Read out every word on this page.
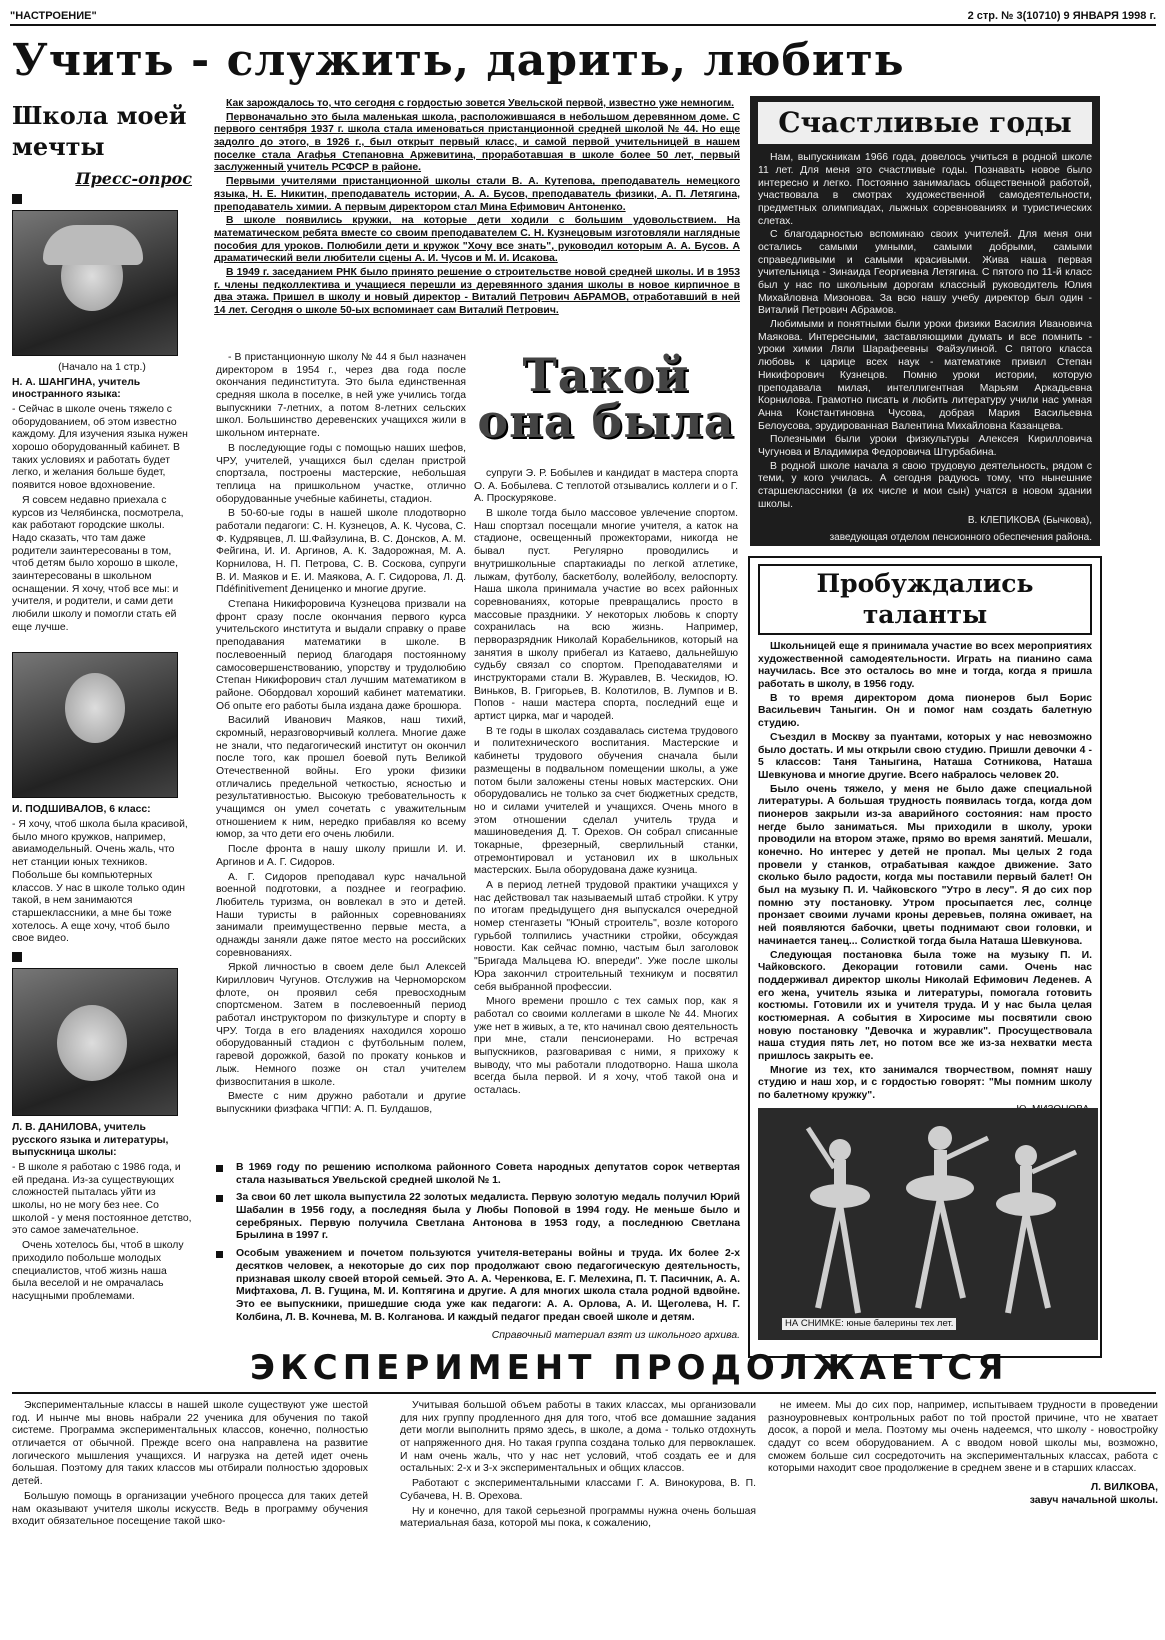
"НАСТРОЕНИЕ"	2 стр. № 3(10710) 9 ЯНВАРЯ 1998 г.
Учить - служить, дарить, любить
Школа моей мечты
Пресс-опрос

(Начало на 1 стр.)

Н. А. ШАНГИНА, учитель иностранного языка:

- Сейчас в школе очень тяжело с оборудованием, об этом известно каждому. Для изучения языка нужен хорошо оборудованный кабинет. В таких условиях и работать будет легко, и желания больше будет, появится новое вдохновение.

Я совсем недавно приехала с курсов из Челябинска, посмотрела, как работают городские школы. Надо сказать, что там даже родители заинтересованы в том, чтоб детям было хорошо в школе, заинтересованы в школьном оснащении. Я хочу, чтоб все мы: и учителя, и родители, и сами дети любили школу и помогли стать ей еще лучше.

И. ПОДШИВАЛОВ, 6 класс:

- Я хочу, чтоб школа была красивой, было много кружков, например, авиамодельный. Очень жаль, что нет станции юных техников. Побольше бы компьютерных классов. У нас в школе только один такой, в нем занимаются старшеклассники, а мне бы тоже хотелось. А еще хочу, чтоб было свое видео.

Л. В. ДАНИЛОВА, учитель русского языка и литературы, выпускница школы:

- В школе я работаю с 1986 года, и ей предана. Из-за существующих сложностей пыталась уйти из школы, но не могу без нее. Со школой - у меня постоянное детство, это самое замечательное.

Очень хотелось бы, чтоб в школу приходило побольше молодых специалистов, чтоб жизнь наша была веселой и не омрачалась насущными проблемами.

Как зарождалось то, что сегодня с гордостью зовется Увельской первой, известно уже немногим.

Первоначально это была маленькая школа, расположившаяся в небольшом деревянном доме. С первого сентября 1937 г. школа стала именоваться пристанционной средней школой № 44. Но еще задолго до этого, в 1926 г., был открыт первый класс, и самой первой учительницей в нашем поселке стала Агафья Степановна Аржевитина, проработавшая в школе более 50 лет, первый заслуженный учитель РСФСР в районе.

Первыми учителями пристанционной школы стали В. А. Кутепова, преподаватель немецкого языка, Н. Е. Никитин, преподаватель истории, А. А. Бусов, преподаватель физики, А. П. Летягина, преподаватель химии. А первым директором стал Мина Ефимович Антоненко.

В школе появились кружки, на которые дети ходили с большим удовольствием. На математическом ребята вместе со своим преподавателем С. Н. Кузнецовым изготовляли наглядные пособия для уроков. Полюбили дети и кружок "Хочу все знать", руководил которым А. А. Бусов. А драматический вели любители сцены А. И. Чусов и М. И. Исакова.

В 1949 г. заседанием РНК было принято решение о строительстве новой средней школы. И в 1953 г. члены педколлектива и учащиеся перешли из деревянного здания школы в новое кирпичное в два этажа. Пришел в школу и новый директор - Виталий Петрович АБРАМОВ, отработавший в ней 14 лет. Сегодня о школе 50-ых вспоминает сам Виталий Петрович.

- В пристанционную школу № 44 я был назначен директором в 1954 г., через два года после окончания пединститута. Это была единственная средняя школа в поселке, в ней уже учились тогда выпускники 7-летних, а потом 8-летних сельских школ. Большинство деревенских учащихся жили в школьном интернате.

В последующие годы с помощью наших шефов, ЧРУ, учителей, учащихся был сделан пристрой спортзала, построены мастерские, небольшая теплица на пришкольном участке, отлично оборудованные учебные кабинеты, стадион.

В 50-60-ые годы в нашей школе плодотворно работали педагоги: С. Н. Кузнецов, А. К. Чусова, С. Ф. Кудрявцев, Л. Ш.Файзулина, В. С. Донсков, А. М. Фейгина, И. И. Аргинов, А. К. Задорожная, М. А. Корнилова, Н. П. Петрова, С. В. Соскова, супруги В. И. Маяков и Е. И. Маякова, А. Г. Сидорова, Л. Д. Пdéfinitivement Дениценко и многие другие.

Степана Никифоровича Кузнецова призвали на фронт сразу после окончания первого курса учительского института и выдали справку о праве преподавания математики в школе. В послевоенный период благодаря постоянному самосовершенствованию, упорству и трудолюбию Степан Никифорович стал лучшим математиком в районе. Обордовал хороший кабинет математики. Об опыте его работы была издана даже брошюра.

Василий Иванович Маяков, наш тихий, скромный, неразговорчивый коллега. Многие даже не знали, что педагогический институт он окончил после того, как прошел боевой путь Великой Отечественной войны. Его уроки физики отличались предельной четкостью, ясностью и результативностью. Высокую требовательность к учащимся он умел сочетать с уважительным отношением к ним, нередко прибавляя ко всему юмор, за что дети его очень любили.

После фронта в нашу школу пришли И. И. Аргинов и А. Г. Сидоров.

А. Г. Сидоров преподавал курс начальной военной подготовки, а позднее и географию. Любитель туризма, он вовлекал в это и детей. Наши туристы в районных соревнованиях занимали преимущественно первые места, а однажды заняли даже пятое место на российских соревнованиях.

Яркой личностью в своем деле был Алексей Кириллович Чугунов. Отслужив на Черноморском флоте, он проявил себя превосходным спортсменом. Затем в послевоенный период работал инструктором по физкультуре и спорту в ЧРУ. Тогда в его владениях находился хорошо оборудованный стадион с футбольным полем, гаревой дорожкой, базой по прокату коньков и лыж. Немного позже он стал учителем физвоспитания в школе.

Вместе с ним дружно работали и другие выпускники физфака ЧГПИ: А. П. Булдашов,

Такой она была

супруги Э. Р. Бобылев и кандидат в мастера спорта О. А. Бобылева. С теплотой отзывались коллеги и о Г. А. Проскурякове.

В школе тогда было массовое увлечение спортом. Наш спортзал посещали многие учителя, а каток на стадионе, освещенный прожекторами, никогда не бывал пуст. Регулярно проводились и внутришкольные спартакиады по легкой атлетике, лыжам, футболу, баскетболу, волейболу, велоспорту. Наша школа принимала участие во всех районных соревнованиях, которые превращались просто в массовые праздники. У некоторых любовь к спорту сохранилась на всю жизнь. Например, перворазрядник Николай Корабельников, который на занятия в школу прибегал из Катаево, дальнейшую судьбу связал со спортом. Преподавателями и инструкторами стали В. Журавлев, В. Ческидов, Ю. Виньков, В. Григорьев, В. Колотилов, В. Лумпов и В. Попов - наши мастера спорта, последний еще и артист цирка, маг и чародей.

В те годы в школах создавалась система трудового и политехнического воспитания. Мастерские и кабинеты трудового обучения сначала были размещены в подвальном помещении школы, а уже потом были заложены стены новых мастерских. Они оборудовались не только за счет бюджетных средств, но и силами учителей и учащихся. Очень много в этом отношении сделал учитель труда и машиноведения Д. Т. Орехов. Он собрал списанные токарные, фрезерный, сверлильный станки, отремонтировал и установил их в школьных мастерских. Была оборудована даже кузница.

А в период летней трудовой практики учащихся у нас действовал так называемый штаб стройки. К утру по итогам предыдущего дня выпускался очередной номер стенгазеты "Юный строитель", возле которого гурьбой толпились участники стройки, обсуждая новости. Как сейчас помню, частым был заголовок "Бригада Мальцева Ю. впереди". Уже после школы Юра закончил строительный техникум и посвятил себя выбранной профессии.

Много времени прошло с тех самых пор, как я работал со своими коллегами в школе № 44. Многих уже нет в живых, а те, кто начинал свою деятельность при мне, стали пенсионерами. Но встречая выпускников, разговаривая с ними, я прихожу к выводу, что мы работали плодотворно. Наша школа всегда была первой. И я хочу, чтоб такой она и осталась.

В 1969 году по решению исполкома районного Совета народных депутатов сорок четвертая стала называться Увельской средней школой № 1.
За свои 60 лет школа выпустила 22 золотых медалиста. Первую золотую медаль получил Юрий Шабалин в 1956 году, а последняя была у Любы Поповой в 1994 году. Не меньше было и серебряных. Первую получила Светлана Антонова в 1953 году, а последнюю Светлана Брылина в 1997 г.
Особым уважением и почетом пользуются учителя-ветераны войны и труда. Их более 2-х десятков человек, а некоторые до сих пор продолжают свою педагогическую деятельность, признавая школу своей второй семьей. Это А. А. Черенкова, Е. Г. Мелехина, П. Т. Пасичник, А. А. Мифтахова, Л. В. Гущина, М. И. Коптягина и другие. А для многих школа стала родной вдвойне. Это ее выпускники, пришедшие сюда уже как педагоги: А. А. Орлова, А. И. Щеголева, Н. Г. Колбина, Л. В. Кочнева, М. В. Колганова. И каждый педагог предан своей школе и детям.
Справочный материал взят из школьного архива.
Счастливые годы

Нам, выпускникам 1966 года, довелось учиться в родной школе 11 лет. Для меня это счастливые годы. Познавать новое было интересно и легко. Постоянно занималась общественной работой, участвовала в смотрах художественной самодеятельности, предметных олимпиадах, лыжных соревнованиях и туристических слетах.

С благодарностью вспоминаю своих учителей. Для меня они остались самыми умными, самыми добрыми, самыми справедливыми и самыми красивыми. Жива наша первая учительница - Зинаида Георгиевна Летягина. С пятого по 11-й класс был у нас по школьным дорогам классный руководитель Юлия Михайловна Мизонова. За всю нашу учебу директор был один - Виталий Петрович Абрамов.

Любимыми и понятными были уроки физики Василия Ивановича Маякова. Интересными, заставляющими думать и все помнить - уроки химии Ляли Шарафеевны Файзулиной. С пятого класса любовь к царице всех наук - математике привил Степан Никифорович Кузнецов. Помню уроки истории, которую преподавала милая, интеллигентная Марьям Аркадьевна Корнилова. Грамотно писать и любить литературу учили нас умная Анна Константиновна Чусова, добрая Мария Васильевна Белоусова, эрудированная Валентина Михайловна Казанцева.

Полезными были уроки физкультуры Алексея Кирилловича Чугунова и Владимира Федоровича Штурбабина.

В родной школе начала я свою трудовую деятельность, рядом с теми, у кого училась. А сегодня радуюсь тому, что нынешние старшеклассники (в их числе и мои сын) учатся в новом здании школы.

В. КЛЕПИКОВА (Бычкова),
заведующая отделом пенсионного обеспечения района.
Пробуждались таланты

Школьницей еще я принимала участие во всех мероприятиях художественной самодеятельности. Играть на пианино сама научилась. Все это осталось во мне и тогда, когда я пришла работать в школу, в 1956 году.

В то время директором дома пионеров был Борис Васильевич Таныгин. Он и помог нам создать балетную студию.

Съездил в Москву за пуантами, которых у нас невозможно было достать. И мы открыли свою студию. Пришли девочки 4 - 5 классов: Таня Таныгина, Наташа Сотникова, Наташа Шевкунова и многие другие. Всего набралось человек 20.

Было очень тяжело, у меня не было даже специальной литературы. А большая трудность появилась тогда, когда дом пионеров закрыли из-за аварийного состояния: нам просто негде было заниматься. Мы приходили в школу, уроки проводили на втором этаже, прямо во время занятий. Мешали, конечно. Но интерес у детей не пропал. Мы целых 2 года провели у станков, отрабатывая каждое движение. Зато сколько было радости, когда мы поставили первый балет! Он был на музыку П. И. Чайковского "Утро в лесу". Я до сих пор помню эту постановку. Утром просыпается лес, солнце пронзает своими лучами кроны деревьев, поляна оживает, на ней появляются бабочки, цветы поднимают свои головки, и начинается танец... Солисткой тогда была Наташа Шевкунова.

Следующая постановка была тоже на музыку П. И. Чайковского. Декорации готовили сами. Очень нас поддерживал директор школы Николай Ефимович Леденев. А его жена, учитель языка и литературы, помогала готовить костюмы. Готовили их и учителя труда. И у нас была целая костюмерная. А события в Хиросиме мы посвятили свою новую постановку "Девочка и журавлик". Просуществовала наша студия пять лет, но потом все же из-за нехватки места пришлось закрыть ее.

Многие из тех, кто занимался творчеством, помнят нашу студию и наш хор, и с гордостью говорят: "Мы помним школу по балетному кружку".

НА СНИМКЕ: юные балерины тех лет.
ЭКСПЕРИМЕНТ ПРОДОЛЖАЕТСЯ

Экспериментальные классы в нашей школе существуют уже шестой год. И нынче мы вновь набрали 22 ученика для обучения по такой системе. Программа экспериментальных классов, конечно, полностью отличается от обычной. Прежде всего она направлена на развитие логического мышления учащихся. И нагрузка на детей идет очень большая. Поэтому для таких классов мы отбирали полностью здоровых детей.

Большую помощь в организации учебного процесса для таких детей нам оказывают учителя школы искусств. Ведь в программу обучения входит обязательное посещение такой шко-

Учитывая большой объем работы в таких классах, мы организовали для них группу продленного дня для того, чтоб все домашние задания дети могли выполнить прямо здесь, в школе, а дома - только отдохнуть от напряженного дня. Но такая группа создана только для первоклашек. И нам очень жаль, что у нас нет условий, чтоб создать ее и для остальных: 2-х и 3-х экспериментальных и общих классов.

Работают с экспериментальными классами Г. А. Винокурова, В. П. Субачева, Н. В. Орехова.

Ну и конечно, для такой серьезной программы нужна очень большая материальная база, которой мы пока, к сожалению,

не имеем. Мы до сих пор, например, испытываем трудности в проведении разноуровневых контрольных работ по той простой причине, что не хватает досок, а порой и мела. Поэтому мы очень надеемся, что школу - новостройку сдадут со всем оборудованием. А с вводом новой школы мы, возможно, сможем больше сил сосредоточить на экспериментальных классах, работа с которыми находит свое продолжение в среднем звене и в старших классах.

Л. ВИЛКОВА,
завуч начальной школы.
